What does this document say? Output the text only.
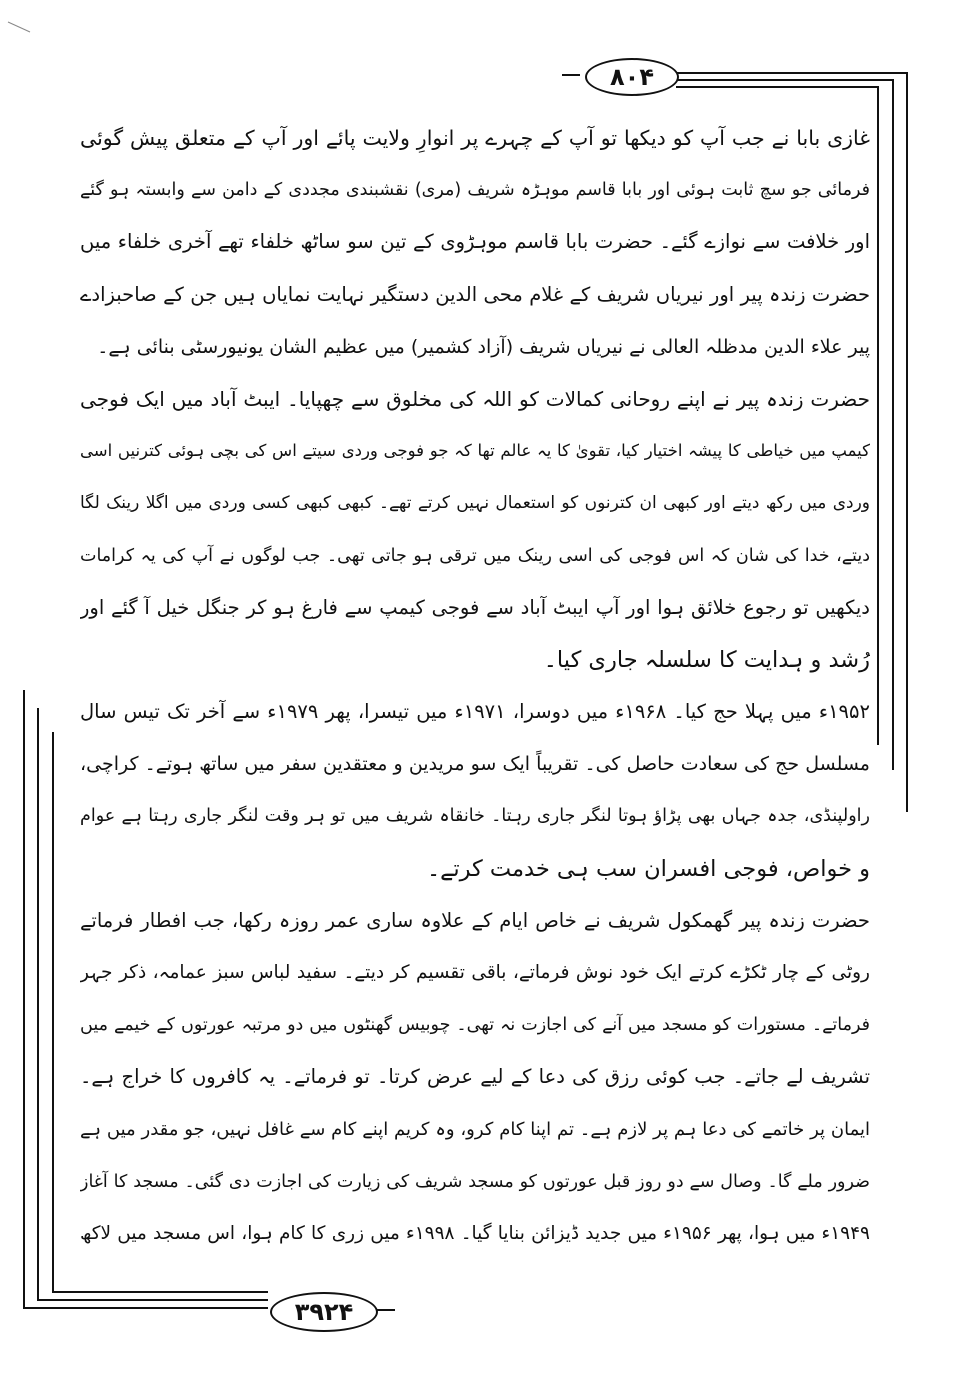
۸۰۴
۳۹۲۴
غازی بابا نے جب آپ کو دیکھا تو آپ کے چہرے پر انوارِ ولایت پائے اور آپ کے متعلق پیش گوئی
فرمائی جو سچ ثابت ہوئی اور بابا قاسم موہڑہ شریف (مری) نقشبندی مجددی کے دامن سے وابستہ ہو گئے
اور خلافت سے نوازے گئے۔ حضرت بابا قاسم موہڑوی کے تین سو ساٹھ خلفاء تھے آخری خلفاء میں
حضرت زندہ پیر اور نیریاں شریف کے غلام محی الدین دستگیر نہایت نمایاں ہیں جن کے صاحبزادے
پیر علاء الدین مدظلہ العالی نے نیریاں شریف (آزاد کشمیر) میں عظیم الشان یونیورسٹی بنائی ہے۔
حضرت زندہ پیر نے اپنے روحانی کمالات کو اللہ کی مخلوق سے چھپایا۔ ایبٹ آباد میں ایک فوجی
کیمپ میں خیاطی کا پیشہ اختیار کیا، تقویٰ کا یہ عالم تھا کہ جو فوجی وردی سیتے اس کی بچی ہوئی کترنیں اسی
وردی میں رکھ دیتے اور کبھی ان کترنوں کو استعمال نہیں کرتے تھے۔ کبھی کبھی کسی وردی میں اگلا رینک لگا
دیتے، خدا کی شان کہ اس فوجی کی اسی رینک میں ترقی ہو جاتی تھی۔ جب لوگوں نے آپ کی یہ کرامات
دیکھیں تو رجوع خلائق ہوا اور آپ ایبٹ آباد سے فوجی کیمپ سے فارغ ہو کر جنگل خیل آ گئے اور
رُشد و ہدایت کا سلسلہ جاری کیا۔
۱۹۵۲ء میں پہلا حج کیا۔ ۱۹۶۸ء میں دوسرا، ۱۹۷۱ء میں تیسرا، پھر ۱۹۷۹ء سے آخر تک تیس سال
مسلسل حج کی سعادت حاصل کی۔ تقریباً ایک سو مریدین و معتقدین سفر میں ساتھ ہوتے۔ کراچی،
راولپنڈی، جدہ جہاں بھی پڑاؤ ہوتا لنگر جاری رہتا۔ خانقاہ شریف میں تو ہر وقت لنگر جاری رہتا ہے عوام
و خواص، فوجی افسران سب ہی خدمت کرتے۔
حضرت زندہ پیر گھمکول شریف نے خاص ایام کے علاوہ ساری عمر روزہ رکھا، جب افطار فرماتے
روٹی کے چار ٹکڑے کرتے ایک خود نوش فرماتے، باقی تقسیم کر دیتے۔ سفید لباس سبز عمامہ، ذکر جہر
فرماتے۔ مستورات کو مسجد میں آنے کی اجازت نہ تھی۔ چوبیس گھنٹوں میں دو مرتبہ عورتوں کے خیمے میں
تشریف لے جاتے۔ جب کوئی رزق کی دعا کے لیے عرض کرتا۔ تو فرماتے۔ یہ کافروں کا خراج ہے۔
ایمان پر خاتمے کی دعا ہم پر لازم ہے۔ تم اپنا کام کرو، وہ کریم اپنے کام سے غافل نہیں، جو مقدر میں ہے
ضرور ملے گا۔ وصال سے دو روز قبل عورتوں کو مسجد شریف کی زیارت کی اجازت دی گئی۔ مسجد کا آغاز
۱۹۴۹ء میں ہوا، پھر ۱۹۵۶ء میں جدید ڈیزائن بنایا گیا۔ ۱۹۹۸ء میں زری کا کام ہوا، اس مسجد میں لاکھ
